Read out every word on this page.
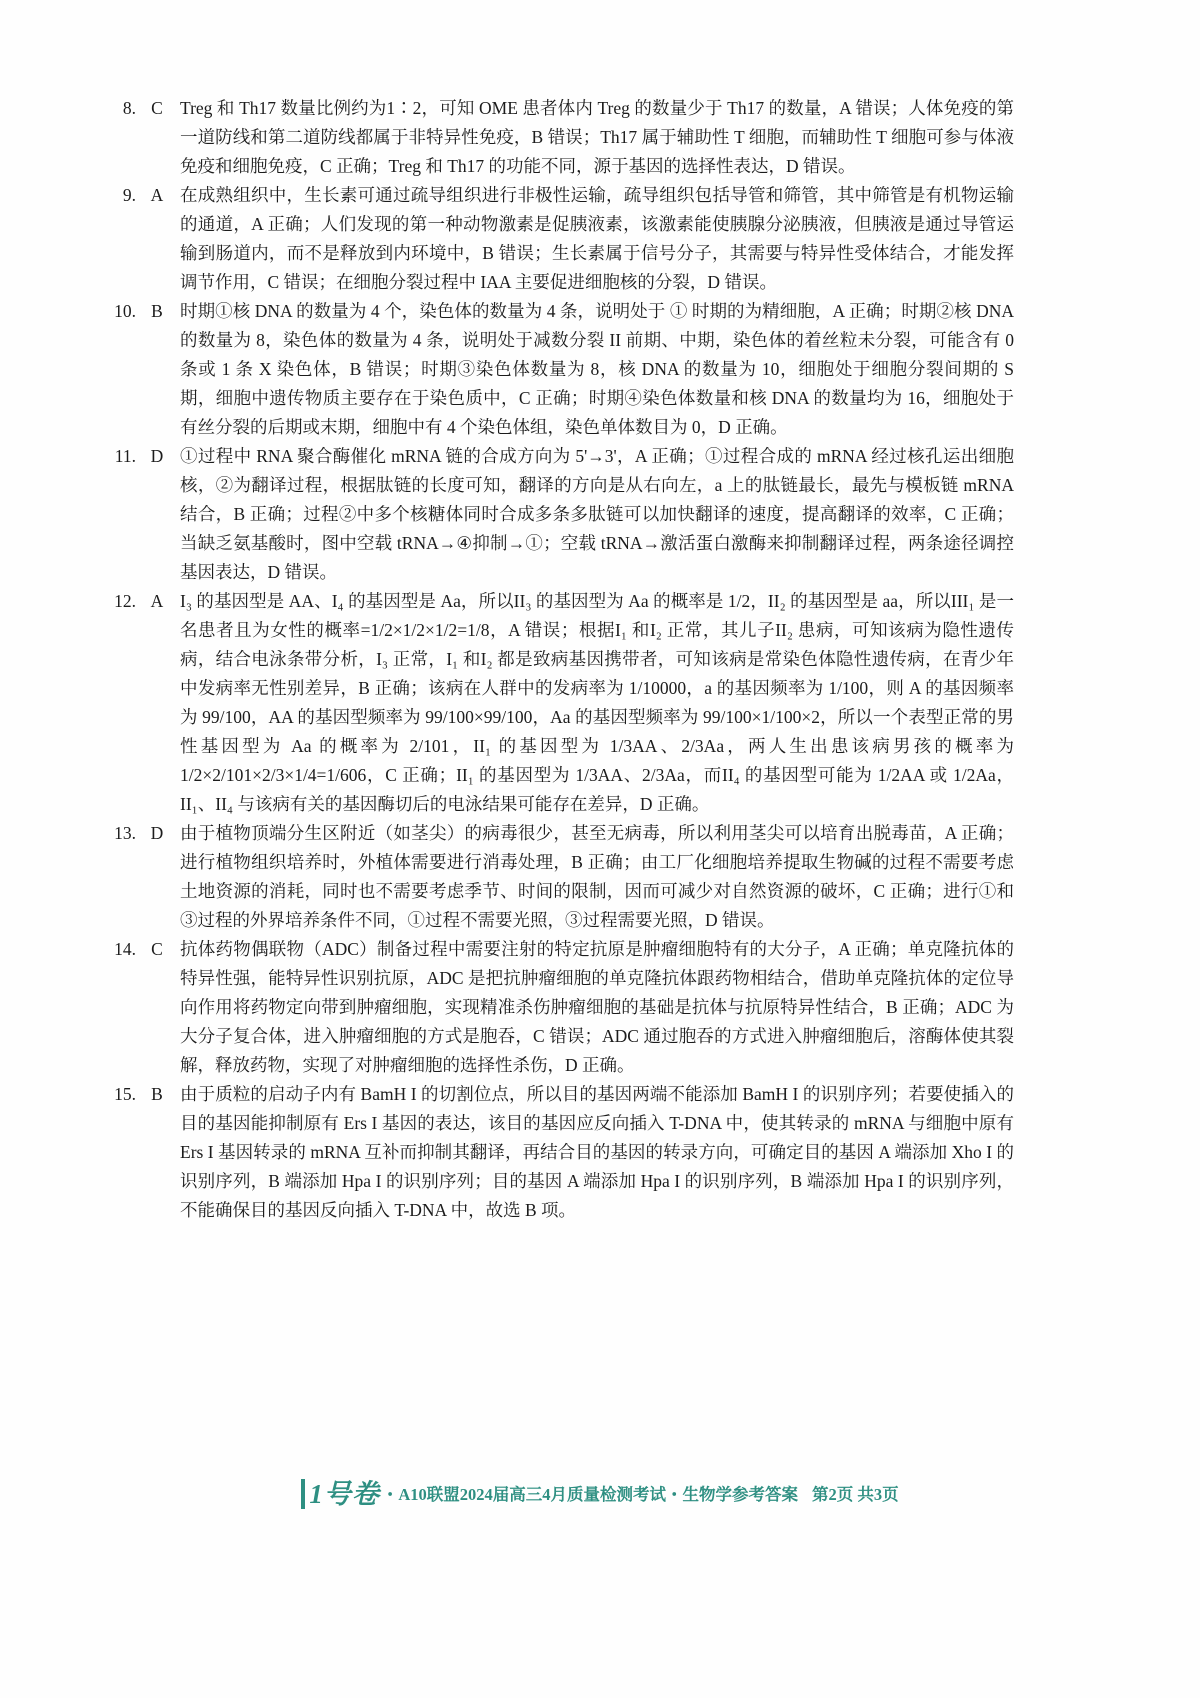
8. C Treg 和 Th17 数量比例约为1∶2，可知 OME 患者体内 Treg 的数量少于 Th17 的数量，A 错误；人体免疫的第一道防线和第二道防线都属于非特异性免疫，B 错误；Th17 属于辅助性 T 细胞，而辅助性 T 细胞可参与体液免疫和细胞免疫，C 正确；Treg 和 Th17 的功能不同，源于基因的选择性表达，D 错误。
9. A 在成熟组织中，生长素可通过疏导组织进行非极性运输，疏导组织包括导管和筛管，其中筛管是有机物运输的通道，A 正确；人们发现的第一种动物激素是促胰液素，该激素能使胰腺分泌胰液，但胰液是通过导管运输到肠道内，而不是释放到内环境中，B 错误；生长素属于信号分子，其需要与特异性受体结合，才能发挥调节作用，C 错误；在细胞分裂过程中 IAA 主要促进细胞核的分裂，D 错误。
10. B 时期①核 DNA 的数量为 4 个，染色体的数量为 4 条，说明处于 ① 时期的为精细胞，A 正确；时期②核 DNA 的数量为 8，染色体的数量为 4 条，说明处于减数分裂 II 前期、中期，染色体的着丝粒未分裂，可能含有 0 条或 1 条 X 染色体，B 错误；时期③染色体数量为 8，核 DNA 的数量为 10，细胞处于细胞分裂间期的 S 期，细胞中遗传物质主要存在于染色质中，C 正确；时期④染色体数量和核 DNA 的数量均为 16，细胞处于有丝分裂的后期或末期，细胞中有 4 个染色体组，染色单体数目为 0，D 正确。
11. D ①过程中 RNA 聚合酶催化 mRNA 链的合成方向为 5'→3'，A 正确；①过程合成的 mRNA 经过核孔运出细胞核，②为翻译过程，根据肽链的长度可知，翻译的方向是从右向左，a 上的肽链最长，最先与模板链 mRNA 结合，B 正确；过程②中多个核糖体同时合成多条多肽链可以加快翻译的速度，提高翻译的效率，C 正确；当缺乏氨基酸时，图中空载 tRNA→④抑制→①；空载 tRNA→激活蛋白激酶来抑制翻译过程，两条途径调控基因表达，D 错误。
12. A I₃ 的基因型是 AA、I₄ 的基因型是 Aa，所以II₃ 的基因型为 Aa 的概率是 1/2，II₂ 的基因型是 aa，所以III₁ 是一名患者且为女性的概率=1/2×1/2×1/2=1/8，A 错误；根据I₁ 和I₂ 正常，其儿子II₂ 患病，可知该病为隐性遗传病，结合电泳条带分析，I₃ 正常，I₁ 和I₂ 都是致病基因携带者，可知该病是常染色体隐性遗传病，在青少年中发病率无性别差异，B 正确；该病在人群中的发病率为 1/10000，a 的基因频率为 1/100，则 A 的基因频率为 99/100，AA 的基因型频率为 99/100×99/100，Aa 的基因型频率为 99/100×1/100×2，所以一个表型正常的男性基因型为 Aa 的概率为 2/101，II₁ 的基因型为 1/3AA、2/3Aa，两人生出患该病男孩的概率为 1/2×2/101×2/3×1/4=1/606，C 正确；II₁ 的基因型为 1/3AA、2/3Aa，而II₄ 的基因型可能为 1/2AA 或 1/2Aa，II₁、II₄ 与该病有关的基因酶切后的电泳结果可能存在差异，D 正确。
13. D 由于植物顶端分生区附近（如茎尖）的病毒很少，甚至无病毒，所以利用茎尖可以培育出脱毒苗，A 正确；进行植物组织培养时，外植体需要进行消毒处理，B 正确；由工厂化细胞培养提取生物碱的过程不需要考虑土地资源的消耗，同时也不需要考虑季节、时间的限制，因而可减少对自然资源的破坏，C 正确；进行①和③过程的外界培养条件不同，①过程不需要光照，③过程需要光照，D 错误。
14. C 抗体药物偶联物（ADC）制备过程中需要注射的特定抗原是肿瘤细胞特有的大分子，A 正确；单克隆抗体的特异性强，能特异性识别抗原，ADC 是把抗肿瘤细胞的单克隆抗体跟药物相结合，借助单克隆抗体的定位导向作用将药物定向带到肿瘤细胞，实现精准杀伤肿瘤细胞的基础是抗体与抗原特异性结合，B 正确；ADC 为大分子复合体，进入肿瘤细胞的方式是胞吞，C 错误；ADC 通过胞吞的方式进入肿瘤细胞后，溶酶体使其裂解，释放药物，实现了对肿瘤细胞的选择性杀伤，D 正确。
15. B 由于质粒的启动子内有 BamH I 的切割位点，所以目的基因两端不能添加 BamH I 的识别序列；若要使插入的目的基因能抑制原有 Ers I 基因的表达，该目的基因应反向插入 T-DNA 中，使其转录的 mRNA 与细胞中原有 Ers I 基因转录的 mRNA 互补而抑制其翻译，再结合目的基因的转录方向，可确定目的基因 A 端添加 Xho I 的识别序列，B 端添加 Hpa I 的识别序列；目的基因 A 端添加 Hpa I 的识别序列，B 端添加 Hpa I 的识别序列，不能确保目的基因反向插入 T-DNA 中，故选 B 项。
1号卷 ・A10联盟2024届高三4月质量检测考试・生物学参考答案 第2页 共3页
